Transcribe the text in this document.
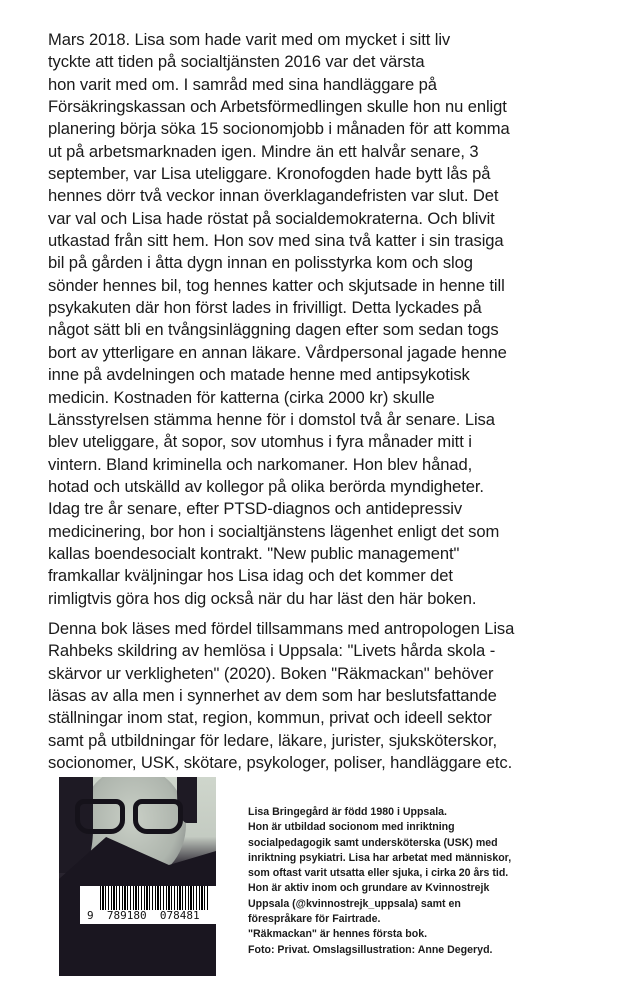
Mars 2018. Lisa som hade varit med om mycket i sitt liv
tyckte att tiden på socialtjänsten 2016 var det värsta
hon varit med om. I samråd med sina handläggare på
Försäkringskassan och Arbetsförmedlingen skulle hon nu enligt
planering börja söka 15 socionomjobb i månaden för att komma
ut på arbetsmarknaden igen. Mindre än ett halvår senare, 3
september, var Lisa uteliggare. Kronofogden hade bytt lås på
hennes dörr två veckor innan överklagandefristen var slut. Det
var val och Lisa hade röstat på socialdemokraterna. Och blivit
utkastad från sitt hem. Hon sov med sina två katter i sin trasiga
bil på gården i åtta dygn innan en polisstyrka kom och slog
sönder hennes bil, tog hennes katter och skjutsade in henne till
psykakuten där hon först lades in frivilligt. Detta lyckades på
något sätt bli en tvångsinläggning dagen efter som sedan togs
bort av ytterligare en annan läkare. Vårdpersonal jagade henne
inne på avdelningen och matade henne med antipsykotisk
medicin. Kostnaden för katterna (cirka 2000 kr) skulle
Länsstyrelsen stämma henne för i domstol två år senare. Lisa
blev uteliggare, åt sopor, sov utomhus i fyra månader mitt i
vintern. Bland kriminella och narkomaner. Hon blev hånad,
hotad och utskälld av kollegor på olika berörda myndigheter.
Idag tre år senare, efter PTSD-diagnos och antidepressiv
medicinering, bor hon i socialtjänstens lägenhet enligt det som
kallas boendesocialt kontrakt. "New public management"
framkallar kväljningar hos Lisa idag och det kommer det
rimligtvis göra hos dig också när du har läst den här boken.
Denna bok läses med fördel tillsammans med antropologen Lisa
Rahbeks skildring av hemlösa i Uppsala: "Livets hårda skola -
skärvor ur verkligheten" (2020). Boken "Räkmackan" behöver
läsas av alla men i synnerhet av dem som har beslutsfattande
ställningar inom stat, region, kommun, privat och ideell sektor
samt på utbildningar för ledare, läkare, jurister, sjuksköterskor,
socionomer, USK, skötare, psykologer, poliser, handläggare etc.
9  789180  078481
Lisa Bringegård är född 1980 i Uppsala.
Hon är utbildad socionom med inriktning
socialpedagogik samt undersköterska (USK) med
inriktning psykiatri. Lisa har arbetat med människor,
som oftast varit utsatta eller sjuka, i cirka 20 års tid.
Hon är aktiv inom och grundare av Kvinnostrejk
Uppsala (@kvinnostrejk_uppsala) samt en
förespråkare för Fairtrade.
"Räkmackan" är hennes första bok.
Foto: Privat. Omslagsillustration: Anne Degeryd.
